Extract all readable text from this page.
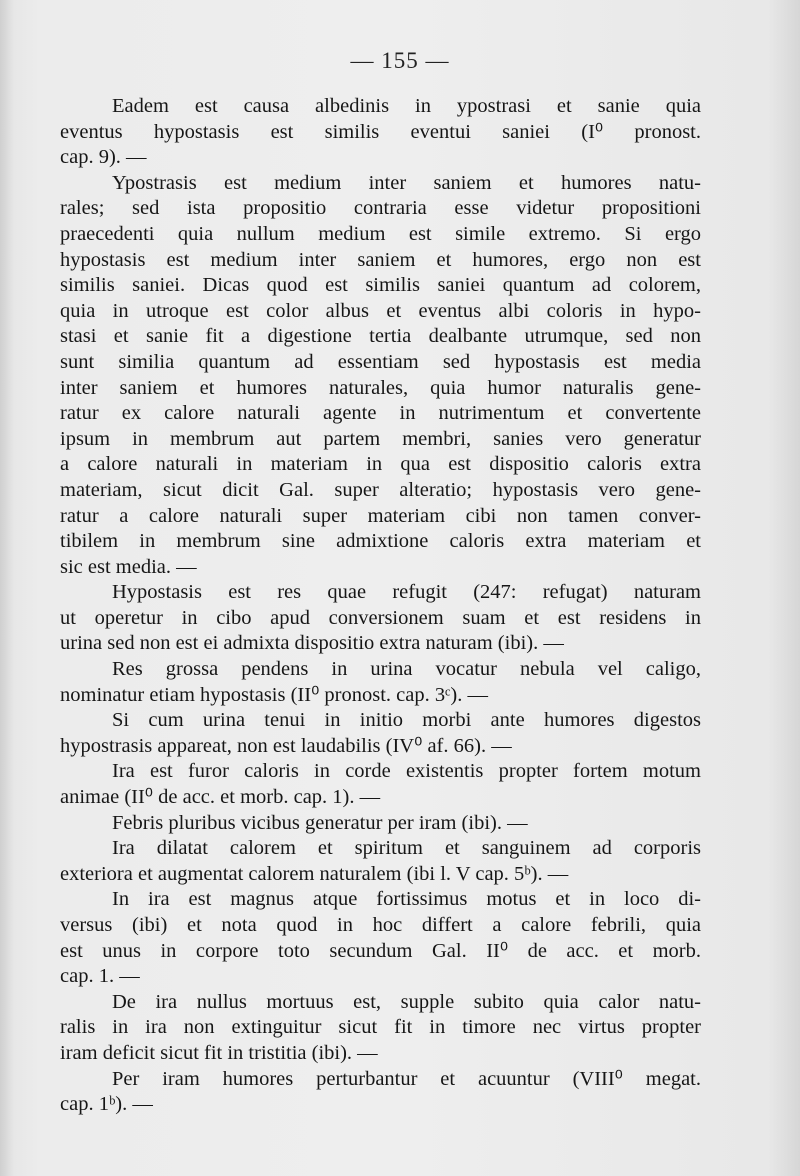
— 155 —
Eadem est causa albedinis in ypostrasi et sanie quia
eventus hypostasis est similis eventui saniei (I⁰ pronost.
cap. 9). —
Ypostrasis est medium inter saniem et humores natu-
rales; sed ista propositio contraria esse videtur propositioni
praecedenti quia nullum medium est simile extremo. Si ergo
hypostasis est medium inter saniem et humores, ergo non est
similis saniei. Dicas quod est similis saniei quantum ad colorem,
quia in utroque est color albus et eventus albi coloris in hypo-
stasi et sanie fit a digestione tertia dealbante utrumque, sed non
sunt similia quantum ad essentiam sed hypostasis est media
inter saniem et humores naturales, quia humor naturalis gene-
ratur ex calore naturali agente in nutrimentum et convertente
ipsum in membrum aut partem membri, sanies vero generatur
a calore naturali in materiam in qua est dispositio caloris extra
materiam, sicut dicit Gal. super alteratio; hypostasis vero gene-
ratur a calore naturali super materiam cibi non tamen conver-
tibilem in membrum sine admixtione caloris extra materiam et
sic est media. —
Hypostasis est res quae refugit (247: refugat) naturam
ut operetur in cibo apud conversionem suam et est residens in
urina sed non est ei admixta dispositio extra naturam (ibi). —
Res grossa pendens in urina vocatur nebula vel caligo,
nominatur etiam hypostasis (II⁰ pronost. cap. 3ᶜ). —
Si cum urina tenui in initio morbi ante humores digestos
hypostrasis appareat, non est laudabilis (IV⁰ af. 66). —
Ira est furor caloris in corde existentis propter fortem motum
animae (II⁰ de acc. et morb. cap. 1). —
Febris pluribus vicibus generatur per iram (ibi). —
Ira dilatat calorem et spiritum et sanguinem ad corporis
exteriora et augmentat calorem naturalem (ibi l. V cap. 5ᵇ). —
In ira est magnus atque fortissimus motus et in loco di-
versus (ibi) et nota quod in hoc differt a calore febrili, quia
est unus in corpore toto secundum Gal. II⁰ de acc. et morb.
cap. 1. —
De ira nullus mortuus est, supple subito quia calor natu-
ralis in ira non extinguitur sicut fit in timore nec virtus propter
iram deficit sicut fit in tristitia (ibi). —
Per iram humores perturbantur et acuuntur (VIII⁰ megat.
cap. 1ᵇ). —
